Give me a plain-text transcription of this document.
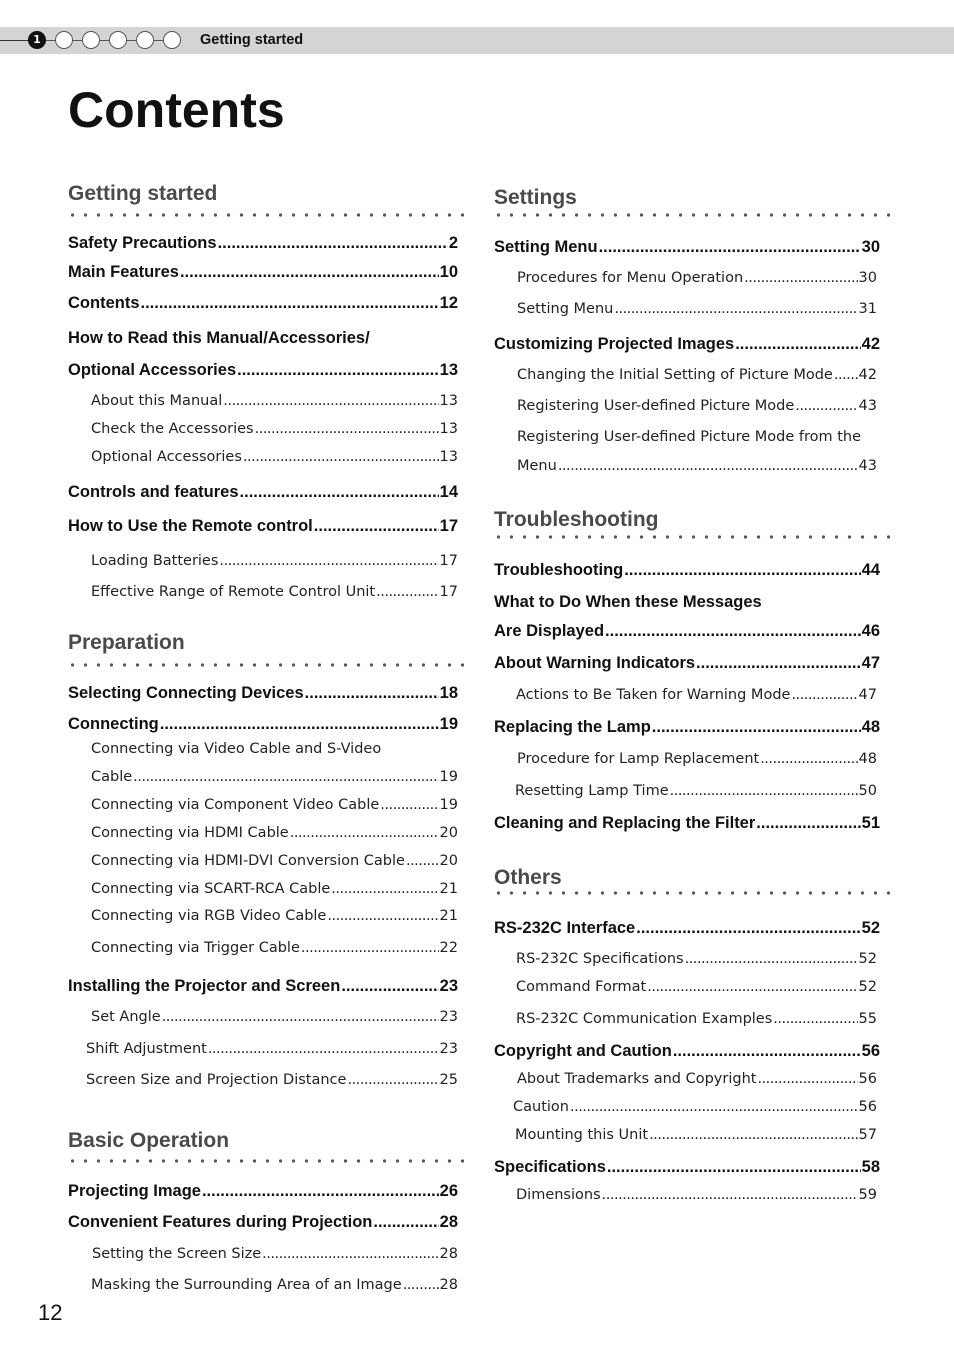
1	Getting started
Contents
Getting started
Safety Precautions .....	2
Main Features .....	10
Contents .....	12
How to Read this Manual/Accessories/
Optional Accessories .....	13
About this Manual .....	13
Check the Accessories .....	13
Optional Accessories .....	13
Controls and features .....	14
How to Use the Remote control .....	17
Loading Batteries .....	17
Effective Range of Remote Control Unit .....	17
Preparation
Selecting Connecting Devices .....	18
Connecting .....	19
Connecting via Video Cable and S-Video
Cable .....	19
Connecting via Component Video Cable .....	19
Connecting via HDMI Cable .....	20
Connecting via HDMI-DVI Conversion Cable ..... 20
Connecting via SCART-RCA Cable .....	21
Connecting via RGB Video Cable .....	21
Connecting via Trigger Cable .....	22
Installing the Projector and Screen .....	23
Set Angle .....	23
Shift Adjustment .....	23
Screen Size and Projection Distance .....	25
Basic Operation
Projecting Image .....	26
Convenient Features during Projection .....	28
Setting the Screen Size .....	28
Masking the Surrounding Area of an Image .....	28
Settings
Setting Menu .....	30
Procedures for Menu Operation .....	30
Setting Menu .....	31
Customizing Projected Images .....	42
Changing the Initial Setting of Picture Mode ..... 42
Registering User-defined Picture Mode .....	43
Registering User-defined Picture Mode from the
Menu .....	43
Troubleshooting
Troubleshooting .....	44
What to Do When these Messages
Are Displayed .....	46
About Warning Indicators .....	47
Actions to Be Taken for Warning Mode .....	47
Replacing the Lamp .....	48
Procedure for Lamp Replacement .....	48
Resetting Lamp Time .....	50
Cleaning and Replacing the Filter .....	51
Others
RS-232C Interface .....	52
RS-232C Specifications .....	52
Command Format .....	52
RS-232C Communication Examples .....	55
Copyright and Caution .....	56
About Trademarks and Copyright .....	56
Caution .....	56
Mounting this Unit .....	57
Specifications .....	58
Dimensions .....	59
12
